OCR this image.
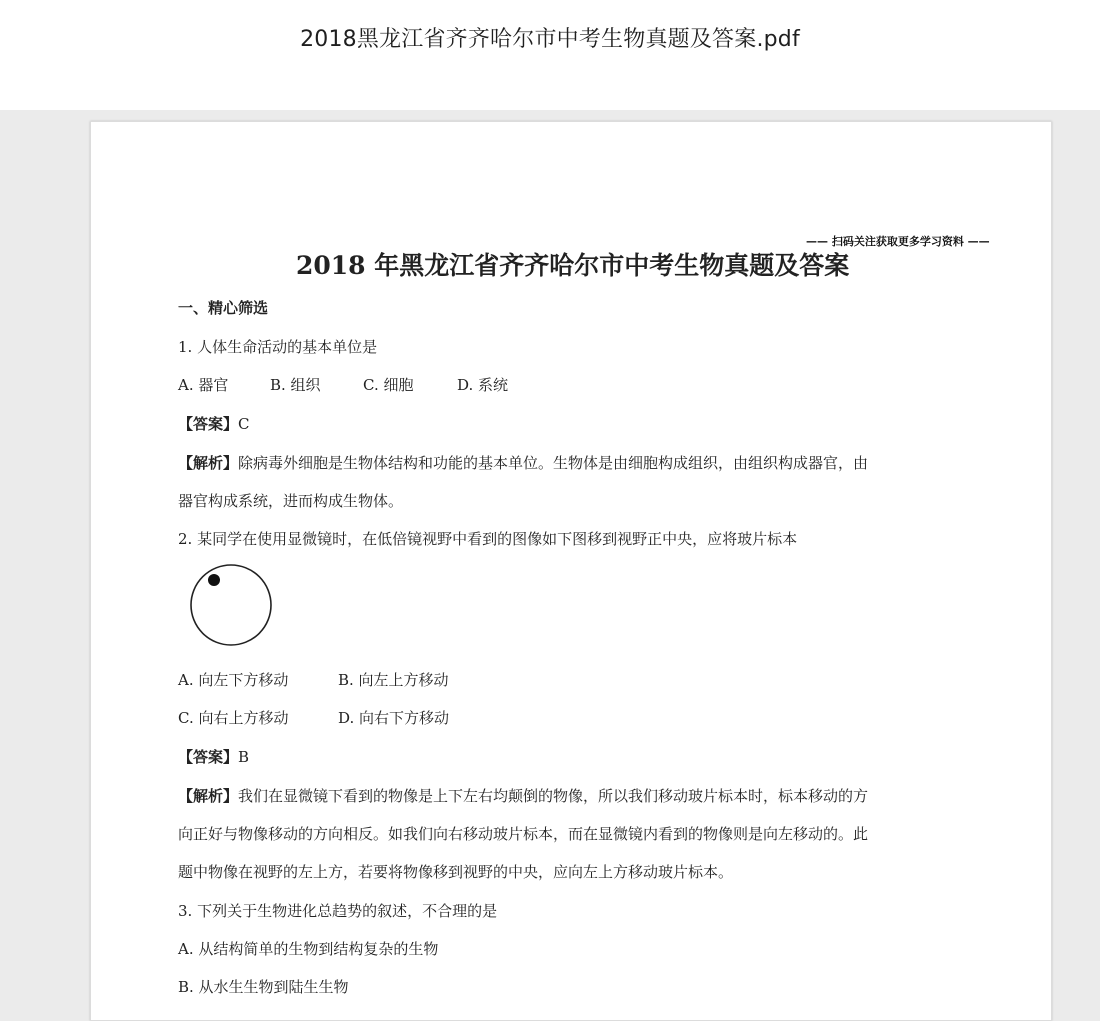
2018黑龙江省齐齐哈尔市中考生物真题及答案.pdf
—— 扫码关注获取更多学习资料 ——
2018 年黑龙江省齐齐哈尔市中考生物真题及答案
一、精心筛选
1. 人体生命活动的基本单位是
A. 器官	B. 组织	C. 细胞	D. 系统
【答案】C
【解析】除病毒外细胞是生物体结构和功能的基本单位。生物体是由细胞构成组织，由组织构成器官，由
器官构成系统，进而构成生物体。
2. 某同学在使用显微镜时，在低倍镜视野中看到的图像如下图移到视野正中央，应将玻片标本
A. 向左下方移动	B. 向左上方移动
C. 向右上方移动	D. 向右下方移动
【答案】B
【解析】我们在显微镜下看到的物像是上下左右均颠倒的物像，所以我们移动玻片标本时，标本移动的方
向正好与物像移动的方向相反。如我们向右移动玻片标本，而在显微镜内看到的物像则是向左移动的。此
题中物像在视野的左上方，若要将物像移到视野的中央，应向左上方移动玻片标本。
3. 下列关于生物进化总趋势的叙述，不合理的是
A. 从结构简单的生物到结构复杂的生物
B. 从水生生物到陆生生物
